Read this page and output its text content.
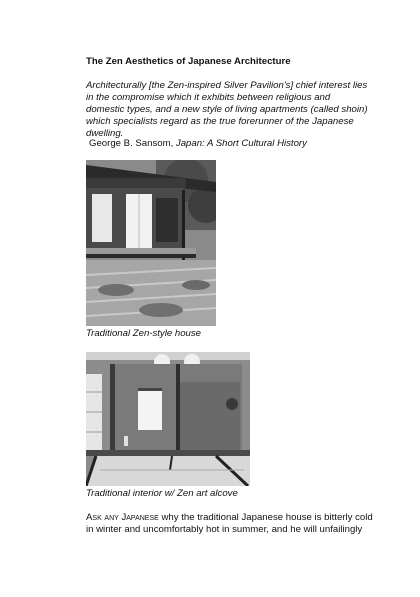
The Zen Aesthetics of Japanese Architecture
Architecturally [the Zen-inspired Silver Pavilion's] chief interest lies
in the compromise which it exhibits between religious and
domestic types, and a new style of living apartments (called shoin)
which specialists regard as the true forerunner of the Japanese
dwelling.
George B. Sansom, Japan: A Short Cultural History
Traditional Zen-style house
Traditional interior w/ Zen art alcove
Ask any Japanese why the traditional Japanese house is bitterly cold
in winter and uncomfortably hot in summer, and he will unfailingly
